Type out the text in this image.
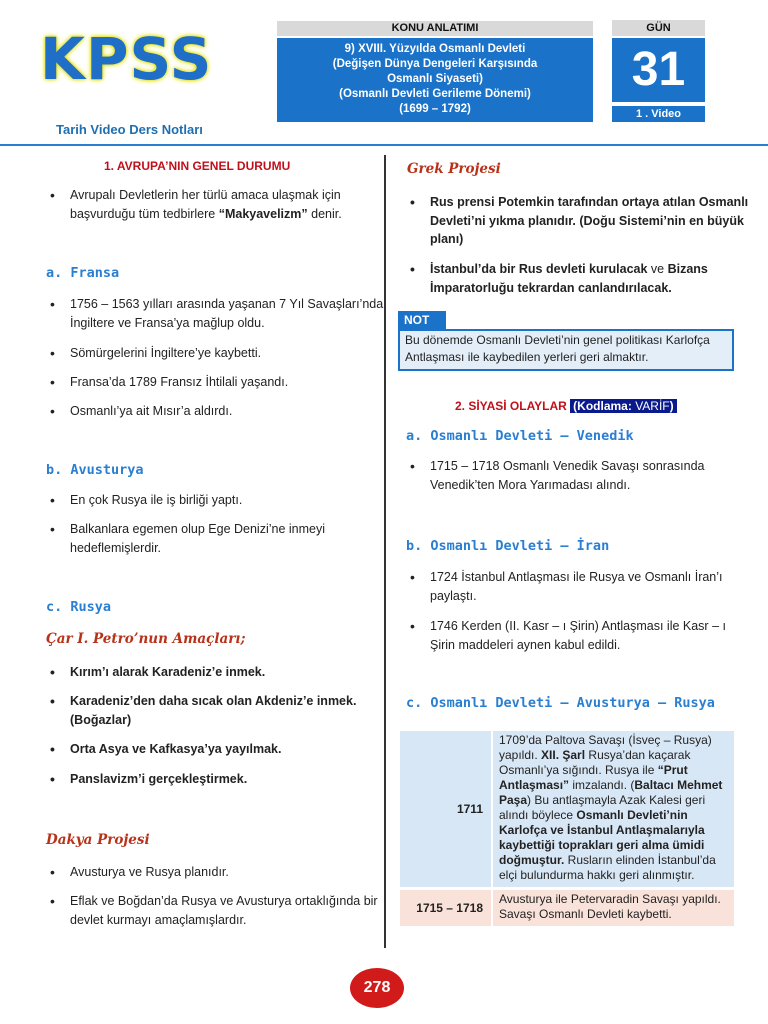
KPSS
Tarih Video Ders Notları
KONU ANLATIMI
9) XVIII. Yüzyılda Osmanlı Devleti
(Değişen Dünya Dengeleri Karşısında
Osmanlı Siyaseti)
(Osmanlı Devleti Gerileme Dönemi)
(1699 – 1792)
GÜN
31
1 . Video
1. AVRUPA’NIN GENEL DURUMU
• Avrupalı Devletlerin her türlü amaca ulaşmak için başvurduğu tüm tedbirlere “Makyavelizm” denir.
a. Fransa
• 1756 – 1563 yılları arasında yaşanan 7 Yıl Savaşları’nda İngiltere ve Fransa’ya mağlup oldu.
• Sömürgelerini İngiltere’ye kaybetti.
• Fransa’da 1789 Fransız İhtilali yaşandı.
• Osmanlı’ya ait Mısır’a aldırdı.
b. Avusturya
• En çok Rusya ile iş birliği yaptı.
• Balkanlara egemen olup Ege Denizi’ne inmeyi hedeflemişlerdir.
c. Rusya
Çar I. Petro’nun Amaçları;
• Kırım’ı alarak Karadeniz’e inmek.
• Karadeniz’den daha sıcak olan Akdeniz’e inmek. (Boğazlar)
• Orta Asya ve Kafkasya’ya yayılmak.
• Panslavizm’i gerçekleştirmek.
Dakya Projesi
• Avusturya ve Rusya planıdır.
• Eflak ve Boğdan’da Rusya ve Avusturya ortaklığında bir devlet kurmayı amaçlamışlardır.
Grek Projesi
• Rus prensi Potemkin tarafından ortaya atılan Osmanlı Devleti’ni yıkma planıdır. (Doğu Sistemi’nin en büyük planı)
• İstanbul’da bir Rus devleti kurulacak ve Bizans İmparatorluğu tekrardan canlandırılacak.
NOT
Bu dönemde Osmanlı Devleti’nin genel politikası Karlofça Antlaşması ile kaybedilen yerleri geri almaktır.
2. SİYASİ OLAYLAR (Kodlama: VARİF)
a. Osmanlı Devleti – Venedik
• 1715 – 1718 Osmanlı Venedik Savaşı sonrasında Venedik’ten Mora Yarımadası alındı.
b. Osmanlı Devleti – İran
• 1724 İstanbul Antlaşması ile Rusya ve Osmanlı İran’ı paylaştı.
• 1746 Kerden (II. Kasr – ı Şirin) Antlaşması ile Kasr – ı Şirin maddeleri aynen kabul edildi.
c. Osmanlı Devleti – Avusturya – Rusya
1711	1709’da Paltova Savaşı (İsveç – Rusya) yapıldı. XII. Şarl Rusya’dan kaçarak Osmanlı’ya sığındı. Rusya ile “Prut Antlaşması” imzalandı. (Baltacı Mehmet Paşa) Bu antlaşmayla Azak Kalesi geri alındı böylece Osmanlı Devleti’nin Karlofça ve İstanbul Antlaşmalarıyla kaybettiği toprakları geri alma ümidi doğmuştur. Rusların elinden İstanbul’da elçi bulundurma hakkı geri alınmıştır.
1715 – 1718	Avusturya ile Petervaradin Savaşı yapıldı. Savaşı Osmanlı Devleti kaybetti.
278
